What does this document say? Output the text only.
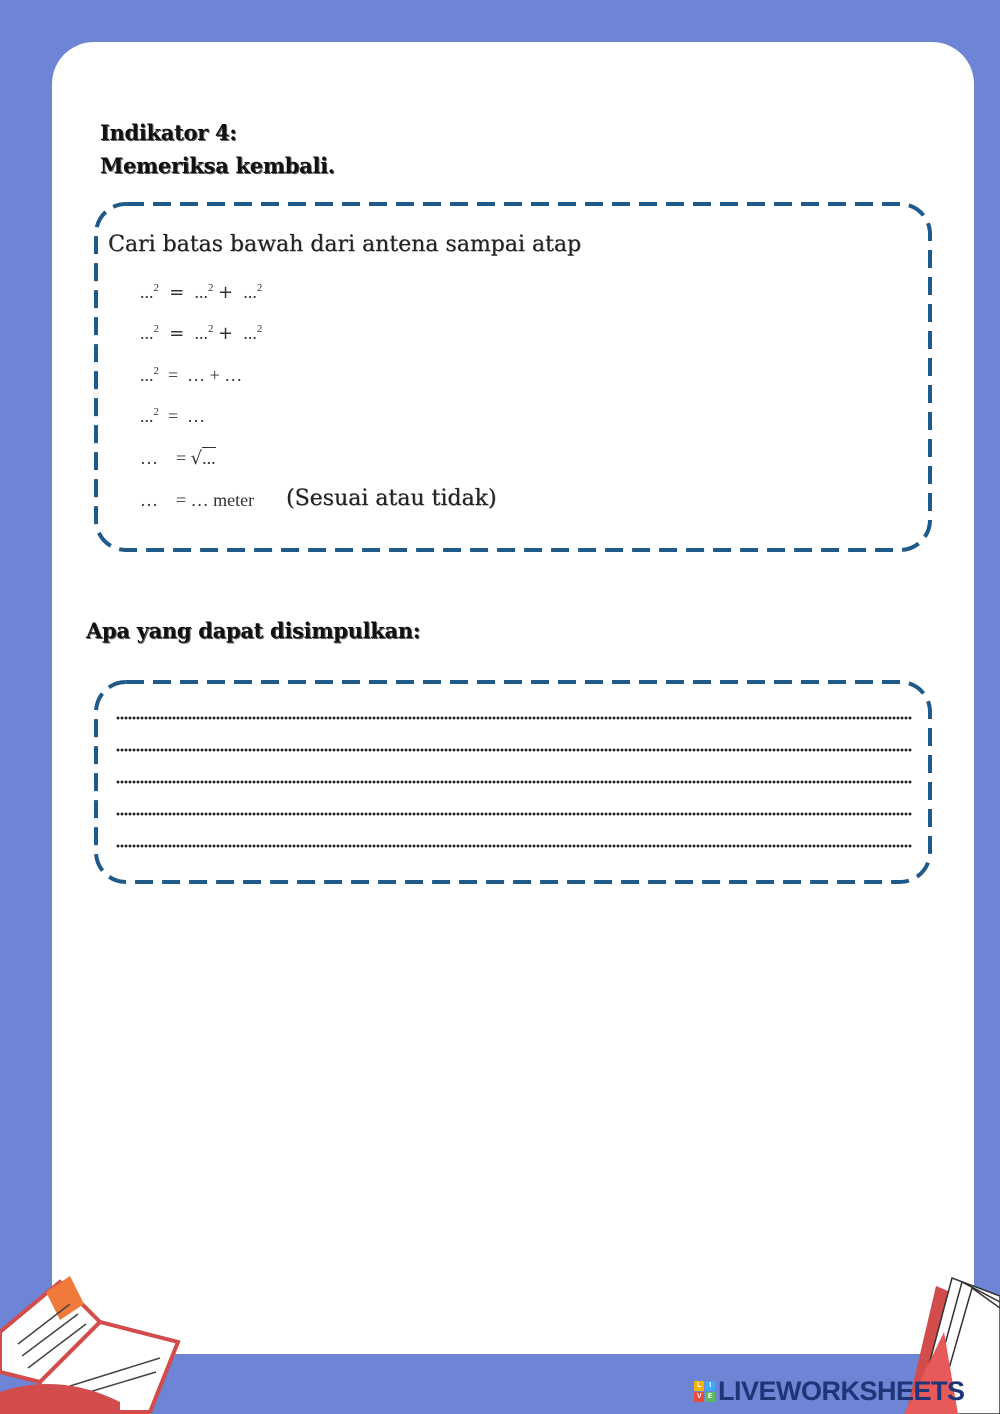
Indikator 4:
Memeriksa kembali.
Cari batas bawah dari antena sampai atap
...$^2$  =  ...$^2$ +  ...$^2$
...$^2$  =  ...$^2$ +  ...$^2$
...$^2$  =  … + …
...$^2$  =  …
…    = √...
…    = … meter (Sesuai atau tidak)
Apa yang dapat disimpulkan:
L	I
V E LIVEWORKSHEETS
